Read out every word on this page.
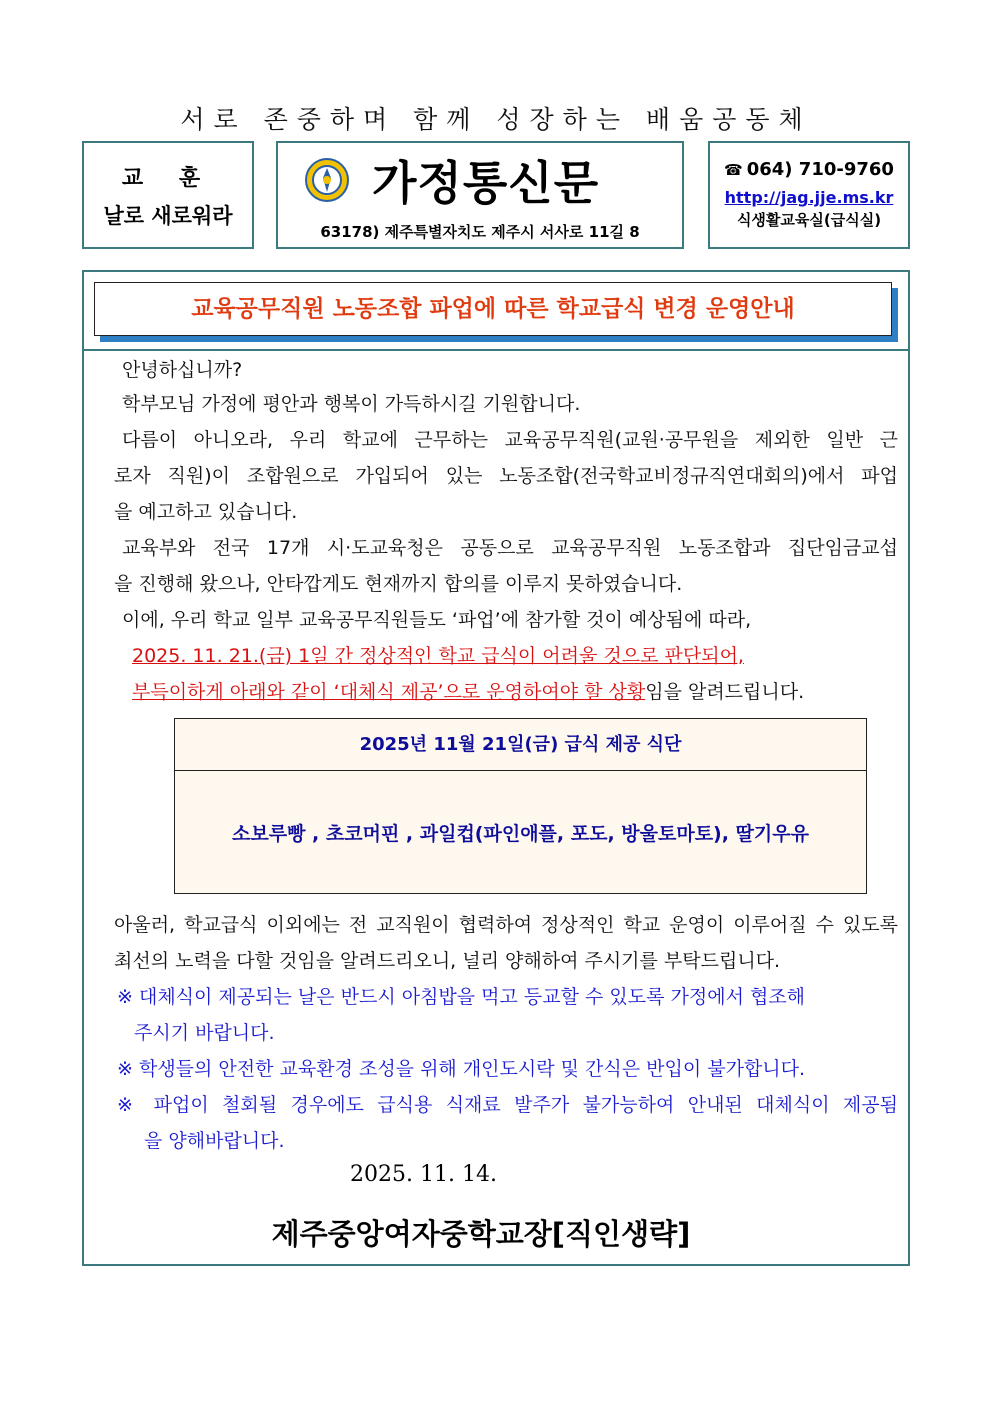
서로 존중하며 함께 성장하는 배움공동체
교 훈
날로 새로워라
가정통신문
63178) 제주특별자치도 제주시 서사로 11길 8
☎ 064) 710-9760
http://jag.jje.ms.kr
식생활교육실(급식실)
교육공무직원 노동조합 파업에 따른 학교급식 변경 운영안내
안녕하십니까?
학부모님 가정에 평안과 행복이 가득하시길 기원합니다.
다름이 아니오라, 우리 학교에 근무하는 교육공무직원(교원·공무원을 제외한 일반 근
로자 직원)이 조합원으로 가입되어 있는 노동조합(전국학교비정규직연대회의)에서 파업
을 예고하고 있습니다.
교육부와 전국 17개 시·도교육청은 공동으로 교육공무직원 노동조합과 집단임금교섭
을 진행해 왔으나, 안타깝게도 현재까지 합의를 이루지 못하였습니다.
이에, 우리 학교 일부 교육공무직원들도 ‘파업’에 참가할 것이 예상됨에 따라,
2025. 11. 21.(금) 1일 간 정상적인 학교 급식이 어려울 것으로 판단되어,
부득이하게 아래와 같이 ‘대체식 제공’으로 운영하여야 할 상황임을 알려드립니다.
2025년 11월 21일(금) 급식 제공 식단
소보루빵 , 초코머핀 , 과일컵(파인애플, 포도, 방울토마토), 딸기우유
아울러, 학교급식 이외에는 전 교직원이 협력하여 정상적인 학교 운영이 이루어질 수 있도록
최선의 노력을 다할 것임을 알려드리오니, 널리 양해하여 주시기를 부탁드립니다.
※ 대체식이 제공되는 날은 반드시 아침밥을 먹고 등교할 수 있도록 가정에서 협조해
주시기 바랍니다.
※ 학생들의 안전한 교육환경 조성을 위해 개인도시락 및 간식은 반입이 불가합니다.
※ 파업이 철회될 경우에도 급식용 식재료 발주가 불가능하여 안내된 대체식이 제공됨
을 양해바랍니다.
2025. 11. 14.
제주중앙여자중학교장[직인생략]
